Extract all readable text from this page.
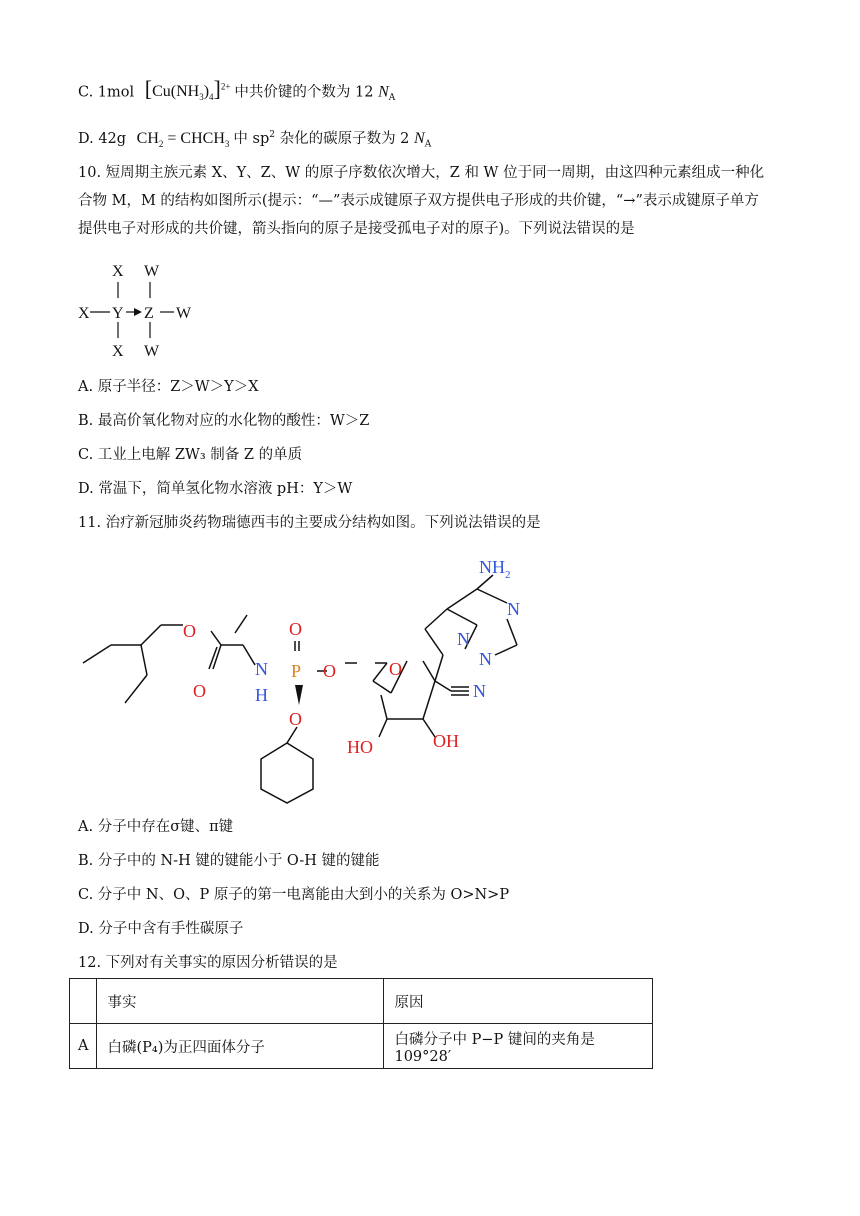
C. 1mol $[Cu(NH_3)_4]^{2+}$ 中共价键的个数为 12 $N_A$
D. 42g $CH_2$ = $CHCH_3$ 中 $sp^2$ 杂化的碳原子数为 2 $N_A$
10. 短周期主族元素 X、Y、Z、W 的原子序数依次增大，Z 和 W 位于同一周期，由这四种元素组成一种化
合物 M，M 的结构如图所示(提示：“—”表示成键原子双方提供电子形成的共价键，“→”表示成键原子单方
提供电子对形成的共价键，箭头指向的原子是接受孤电子对的原子)。下列说法错误的是
X W
X Y Z W
X W
A. 原子半径：Z＞W＞Y＞X
B. 最高价氧化物对应的水化物的酸性：W＞Z
C. 工业上电解 ZW₃ 制备 Z 的单质
D. 常温下，简单氢化物水溶液 pH：Y＞W
11. 治疗新冠肺炎药物瑞德西韦的主要成分结构如图。下列说法错误的是
O
O
N
H
P
O
O
O	O
HO	OH
N
N
N
N
$NH_2$
A. 分子中存在σ键、π键
B. 分子中的 N-H 键的键能小于 O-H 键的键能
C. 分子中 N、O、P 原子的第一电离能由大到小的关系为 O>N>P
D. 分子中含有手性碳原子
12. 下列对有关事实的原因分析错误的是
	事实	原因
A	白磷(P₄)为正四面体分子	白磷分子中 P−P 键间的夹角是 109°28′
